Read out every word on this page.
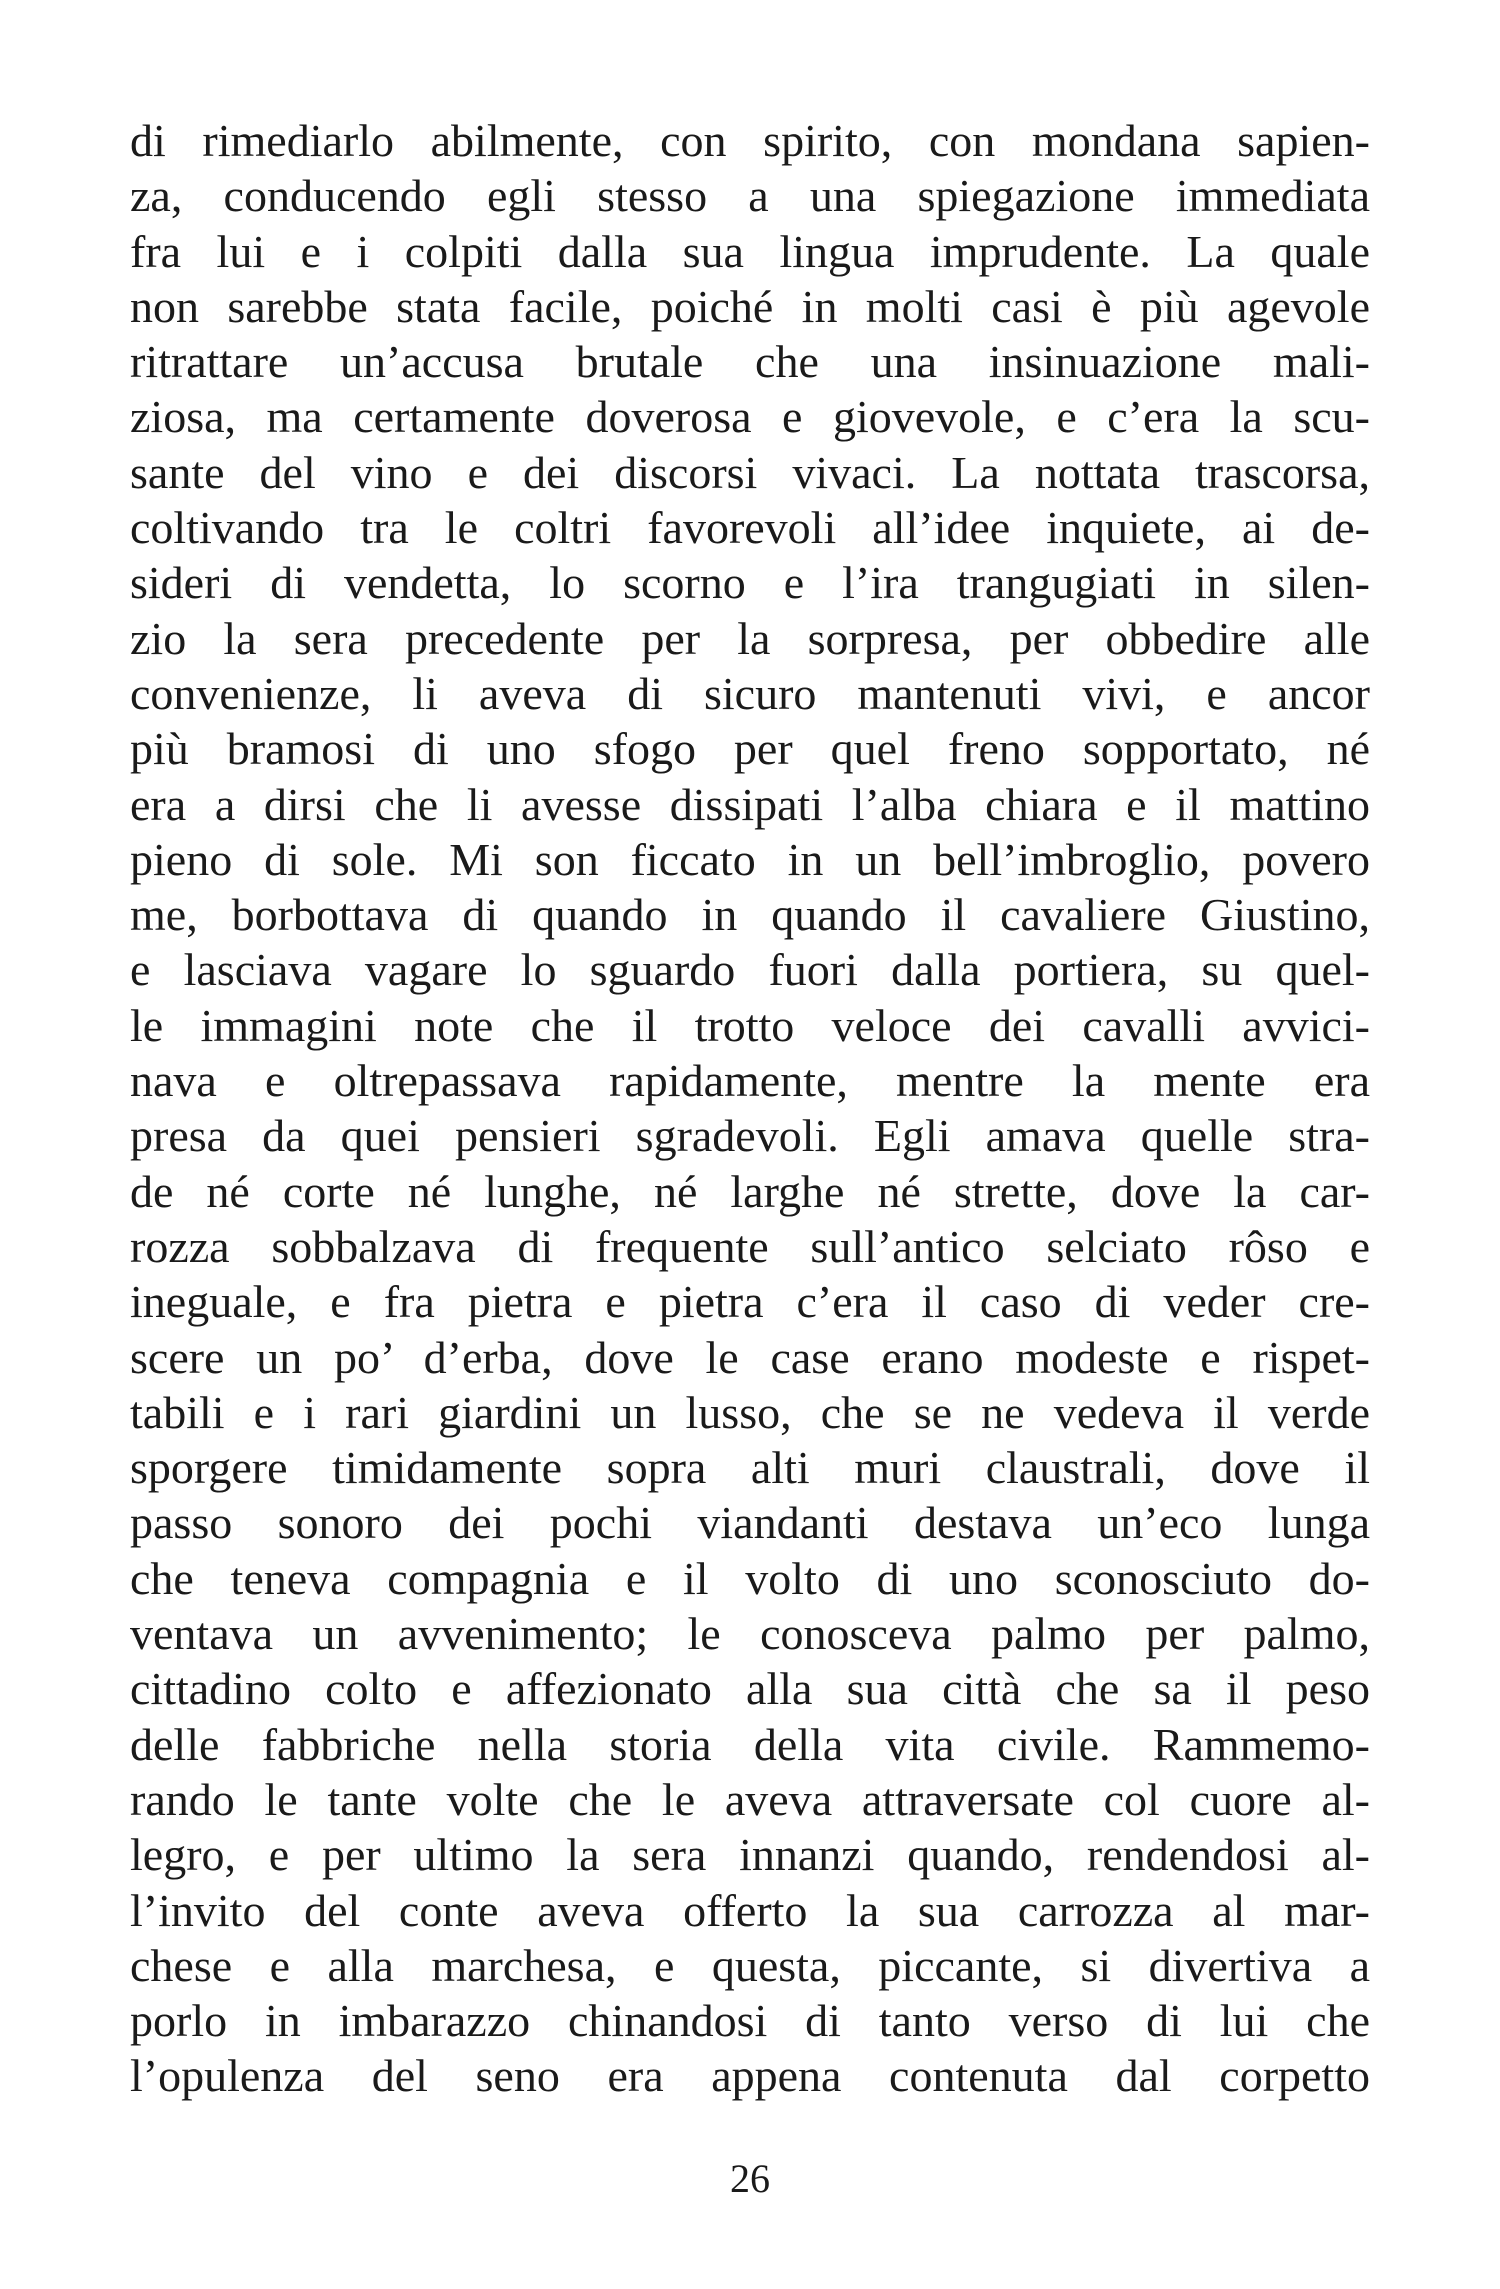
di rimediarlo abilmente, con spirito, con mondana sapien-
za, conducendo egli stesso a una spiegazione immediata
fra lui e i colpiti dalla sua lingua imprudente. La quale
non sarebbe stata facile, poiché in molti casi è più agevole
ritrattare un’accusa brutale che una insinuazione mali-
ziosa, ma certamente doverosa e giovevole, e c’era la scu-
sante del vino e dei discorsi vivaci. La nottata trascorsa,
coltivando tra le coltri favorevoli all’idee inquiete, ai de-
sideri di vendetta, lo scorno e l’ira trangugiati in silen-
zio la sera precedente per la sorpresa, per obbedire alle
convenienze, li aveva di sicuro mantenuti vivi, e ancor
più bramosi di uno sfogo per quel freno sopportato, né
era a dirsi che li avesse dissipati l’alba chiara e il mattino
pieno di sole. Mi son ficcato in un bell’imbroglio, povero
me, borbottava di quando in quando il cavaliere Giustino,
e lasciava vagare lo sguardo fuori dalla portiera, su quel-
le immagini note che il trotto veloce dei cavalli avvici-
nava e oltrepassava rapidamente, mentre la mente era
presa da quei pensieri sgradevoli. Egli amava quelle stra-
de né corte né lunghe, né larghe né strette, dove la car-
rozza sobbalzava di frequente sull’antico selciato rôso e
ineguale, e fra pietra e pietra c’era il caso di veder cre-
scere un po’ d’erba, dove le case erano modeste e rispet-
tabili e i rari giardini un lusso, che se ne vedeva il verde
sporgere timidamente sopra alti muri claustrali, dove il
passo sonoro dei pochi viandanti destava un’eco lunga
che teneva compagnia e il volto di uno sconosciuto do-
ventava un avvenimento; le conosceva palmo per palmo,
cittadino colto e affezionato alla sua città che sa il peso
delle fabbriche nella storia della vita civile. Rammemo-
rando le tante volte che le aveva attraversate col cuore al-
legro, e per ultimo la sera innanzi quando, rendendosi al-
l’invito del conte aveva offerto la sua carrozza al mar-
chese e alla marchesa, e questa, piccante, si divertiva a
porlo in imbarazzo chinandosi di tanto verso di lui che
l’opulenza del seno era appena contenuta dal corpetto
26
